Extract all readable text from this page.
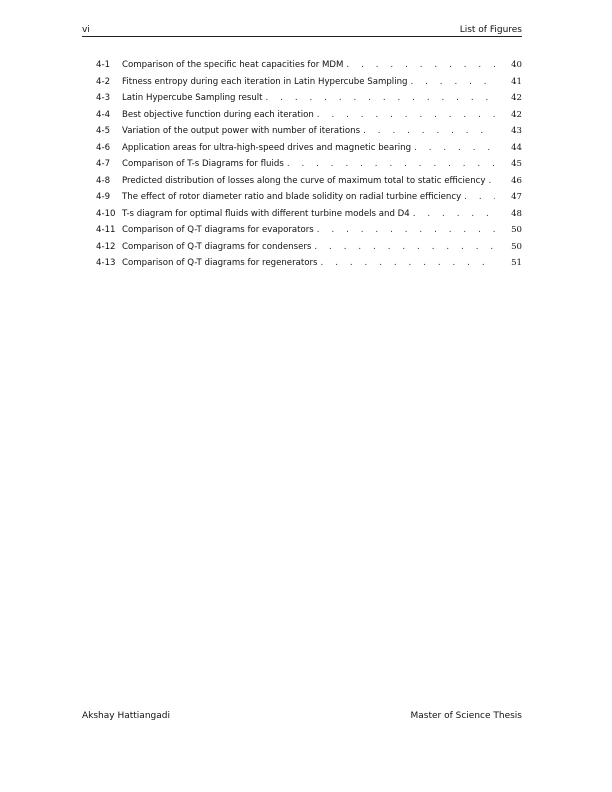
vi	List of Figures
4-1	Comparison of the specific heat capacities for MDM . . .	40
4-2	Fitness entropy during each iteration in Latin Hypercube Sampling . . .	41
4-3	Latin Hypercube Sampling result . . .	42
4-4	Best objective function during each iteration . . .	42
4-5	Variation of the output power with number of iterations . . .	43
4-6	Application areas for ultra-high-speed drives and magnetic bearing . . .	44
4-7	Comparison of T-s Diagrams for fluids . . .	45
4-8	Predicted distribution of losses along the curve of maximum total to static efficiency . . .	46
4-9	The effect of rotor diameter ratio and blade solidity on radial turbine efficiency . . .	47
4-10 T-s diagram for optimal fluids with different turbine models and D4 . . .	48
4-11 Comparison of Q-T diagrams for evaporators . . .	50
4-12 Comparison of Q-T diagrams for condensers . . .	50
4-13 Comparison of Q-T diagrams for regenerators . . .	51
Akshay Hattiangadi	Master of Science Thesis
